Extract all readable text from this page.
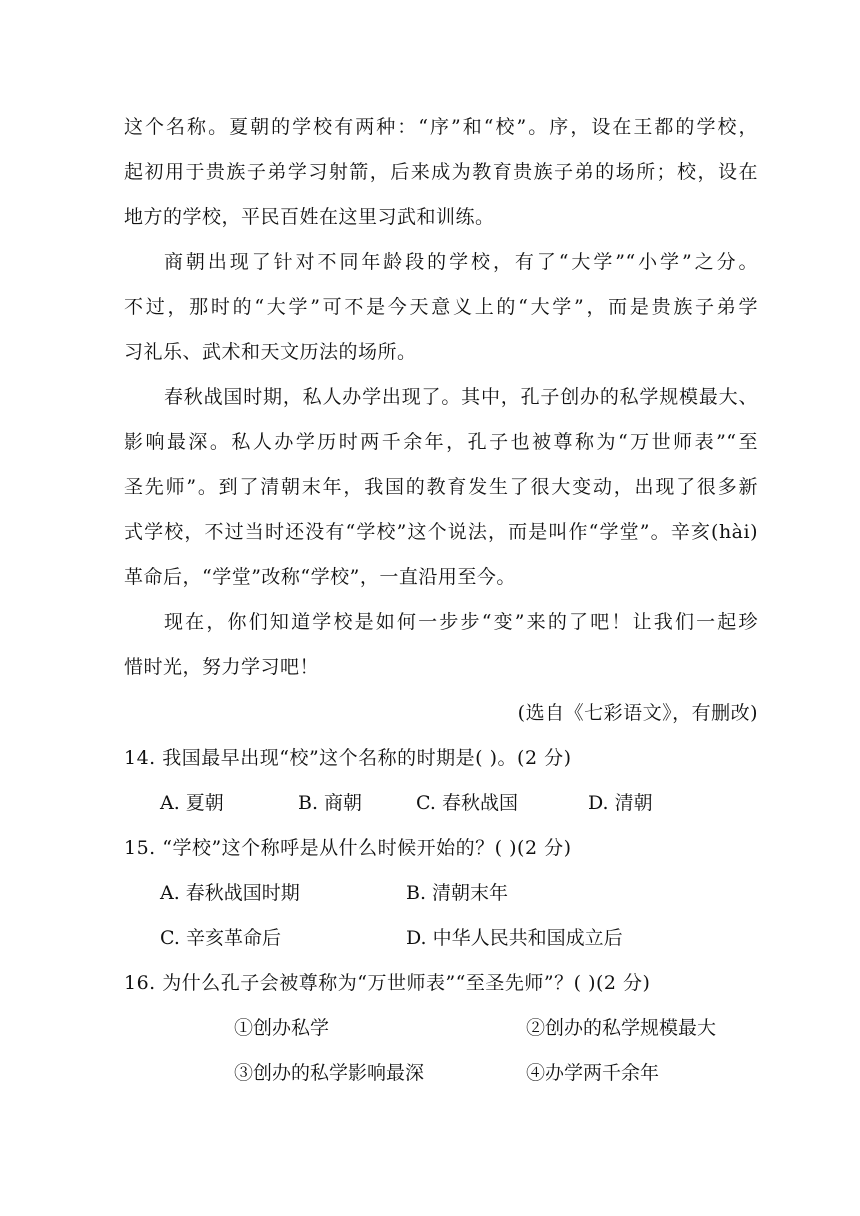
这个名称。夏朝的学校有两种：“序”和“校”。序，设在王都的学校，
起初用于贵族子弟学习射箭，后来成为教育贵族子弟的场所；校，设在
地方的学校，平民百姓在这里习武和训练。
商朝出现了针对不同年龄段的学校，有了“大学”“小学”之分。
不过，那时的“大学”可不是今天意义上的“大学”，而是贵族子弟学
习礼乐、武术和天文历法的场所。
春秋战国时期，私人办学出现了。其中，孔子创办的私学规模最大、
影响最深。私人办学历时两千余年，孔子也被尊称为“万世师表”“至
圣先师”。到了清朝末年，我国的教育发生了很大变动，出现了很多新
式学校，不过当时还没有“学校”这个说法，而是叫作“学堂”。辛亥(hài)
革命后，“学堂”改称“学校”，一直沿用至今。
现在，你们知道学校是如何一步步“变”来的了吧！让我们一起珍
惜时光，努力学习吧！
(选自《七彩语文》，有删改)
14. 我国最早出现“校”这个名称的时期是( )。(2 分)
A. 夏朝	B. 商朝	C. 春秋战国	D. 清朝
15. “学校”这个称呼是从什么时候开始的？( )(2 分)
A. 春秋战国时期	B. 清朝末年
C. 辛亥革命后	D. 中华人民共和国成立后
16. 为什么孔子会被尊称为“万世师表”“至圣先师”？( )(2 分)
①创办私学	②创办的私学规模最大
③创办的私学影响最深	④办学两千余年
